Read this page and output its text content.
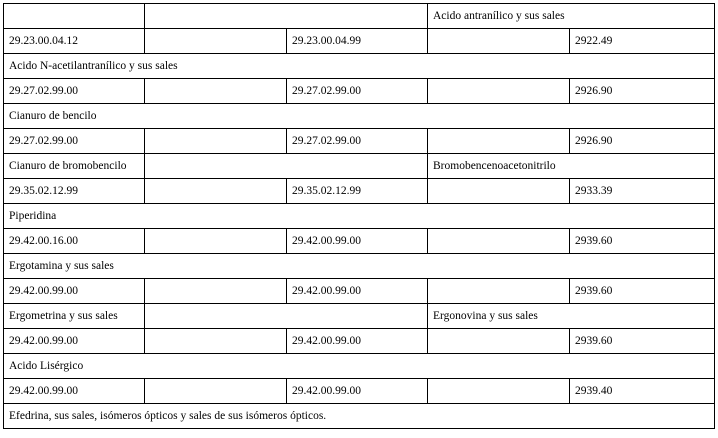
			Acido antranílico y sus sales	
29.23.00.04.12		29.23.00.04.99		2922.49
Acido N-acetilantranílico y sus sales				
29.27.02.99.00		29.27.02.99.00		2926.90
Cianuro de bencilo				
29.27.02.99.00		29.27.02.99.00		2926.90
Cianuro de bromobencilo			Bromobencenoacetonitrilo	
29.35.02.12.99		29.35.02.12.99		2933.39
Piperidina				
29.42.00.16.00		29.42.00.99.00		2939.60
Ergotamina y sus sales				
29.42.00.99.00		29.42.00.99.00		2939.60
Ergometrina y sus sales			Ergonovina y sus sales	
29.42.00.99.00		29.42.00.99.00		2939.60
Acido Lisérgico				
29.42.00.99.00		29.42.00.99.00		2939.40
Efedrina, sus sales, isómeros ópticos y sales de sus isómeros ópticos.				
